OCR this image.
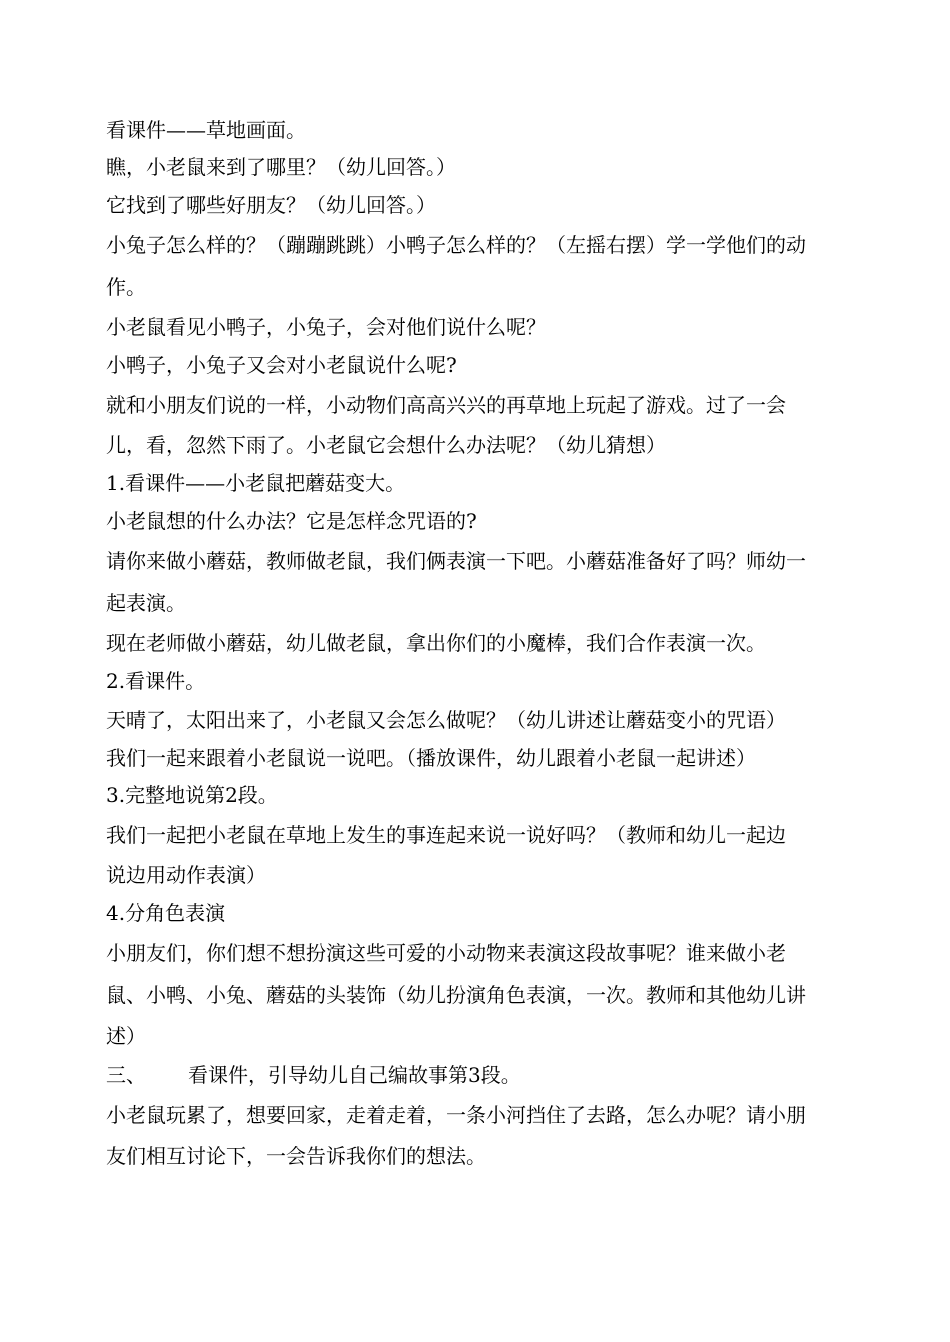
看课件——草地画面。

瞧，小老鼠来到了哪里？（幼儿回答。）

它找到了哪些好朋友？（幼儿回答。）

小兔子怎么样的？（蹦蹦跳跳）小鸭子怎么样的？（左摇右摆）学一学他们的动

作。

小老鼠看见小鸭子，小兔子，会对他们说什么呢？

小鸭子，小兔子又会对小老鼠说什么呢?

就和小朋友们说的一样，小动物们高高兴兴的再草地上玩起了游戏。过了一会

儿，看，忽然下雨了。小老鼠它会想什么办法呢？（幼儿猜想）

1.看课件——小老鼠把蘑菇变大。

小老鼠想的什么办法？它是怎样念咒语的?

请你来做小蘑菇，教师做老鼠，我们俩表演一下吧。小蘑菇准备好了吗？师幼一

起表演。

现在老师做小蘑菇，幼儿做老鼠，拿出你们的小魔棒，我们合作表演一次。

2.看课件。

天晴了，太阳出来了，小老鼠又会怎么做呢？（幼儿讲述让蘑菇变小的咒语）

我们一起来跟着小老鼠说一说吧。（播放课件，幼儿跟着小老鼠一起讲述）

3.完整地说第2段。

我们一起把小老鼠在草地上发生的事连起来说一说好吗？（教师和幼儿一起边

说边用动作表演）

4.分角色表演

小朋友们，你们想不想扮演这些可爱的小动物来表演这段故事呢？谁来做小老

鼠、小鸭、小兔、蘑菇的头装饰（幼儿扮演角色表演，一次。教师和其他幼儿讲

述）

三、 看课件，引导幼儿自己编故事第3段。

小老鼠玩累了，想要回家，走着走着，一条小河挡住了去路，怎么办呢？请小朋

友们相互讨论下，一会告诉我你们的想法。
